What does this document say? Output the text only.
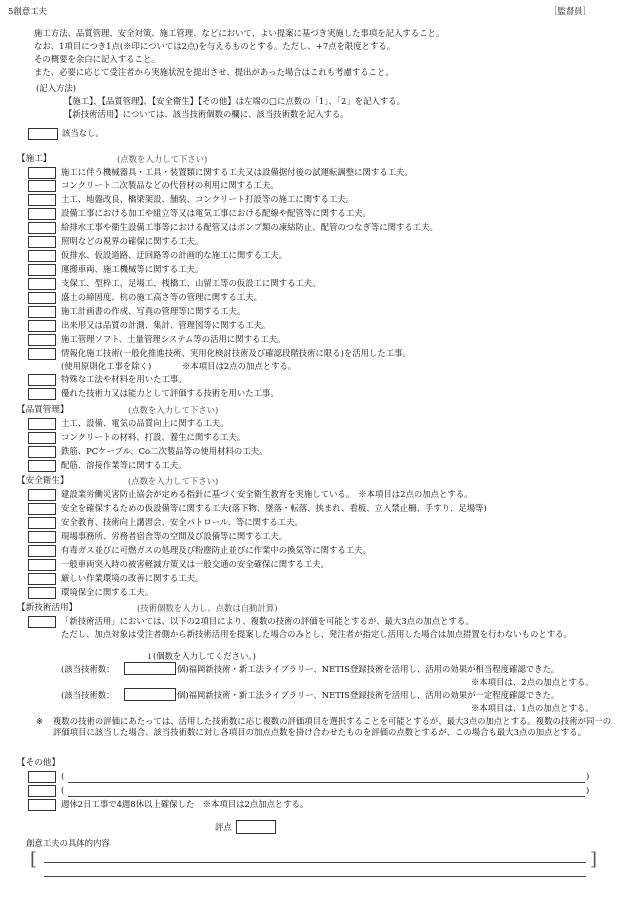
5創意工夫	［監督員］
施工方法、品質管理、安全対策、施工管理、などにおいて、よい提案に基づき実施した事項を記入すること。
なお、1項目につき1点(※印については2点)を与えるものとする。ただし、+7点を限度とする。
その概要を余白に記入すること。
また、必要に応じて受注者から実施状況を提出させ、提出があった場合はこれも考慮すること。
(記入方法)
【施工】、【品質管理】、【安全衛生】【その他】は左端の□に点数の「1」、「2」を記入する。
【新技術活用】については、該当技術個数の欄に、該当技術数を記入する。
該当なし。
【施工】	(点数を入力して下さい)
施工に伴う機械器具・工具・装置類に関する工夫又は設備据付後の試運転調整に関する工夫。
コンクリート二次製品などの代替材の利用に関する工夫。
土工、地盤改良、橋梁架設、舗装、コンクリート打設等の施工に関する工夫。
設備工事における加工や組立等又は電気工事における配線や配管等に関する工夫。
給排水工事や衛生設備工事等における配管又はポンプ類の凍結防止、配管のつなぎ等に関する工夫。
照明などの視界の確保に関する工夫。
仮排水、仮設道路、迂回路等の計画的な施工に関する工夫。
運搬車両、施工機械等に関する工夫。
支保工、型枠工、足場工、桟橋工、山留工等の仮設工に関する工夫。
盛土の締固度、杭の施工高さ等の管理に関する工夫。
施工計画書の作成、写真の管理等に関する工夫。
出来形又は品質の計測、集計、管理図等に関する工夫。
施工管理ソフト、土量管理システム等の活用に関する工夫。
情報化施工技術(一般化推進技術、実用化検討技術及び確認段階技術に限る)を活用した工事。
(使用原則化工事を除く)	※本項目は2点の加点とする。
特殊な工法や材料を用いた工事。
優れた技術力又は能力として評価する技術を用いた工事。
【品質管理】	(点数を入力して下さい)
土工、設備、電気の品質向上に関する工夫。
コンクリートの材料、打設、養生に関する工夫。
鉄筋、PCケーブル、Co二次製品等の使用材料の工夫。
配筋、溶接作業等に関する工夫。
【安全衛生】	(点数を入力して下さい)
建設業労働災害防止協会が定める指針に基づく安全衛生教育を実施している。　※本項目は2点の加点とする。
安全を確保するための仮設備等に関する工夫(落下物、墜落・転落、挟まれ、看板、立入禁止柵、手すり、足場等)
安全教育、技術向上講習会、安全パトロール、等に関する工夫。
現場事務所、労務者宿舎等の空間及び設備等に関する工夫。
有毒ガス並びに可燃ガスの処理及び粉塵防止並びに作業中の換気等に関する工夫。
一般車両突入時の被害軽減方策又は一般交通の安全確保に関する工夫。
厳しい作業環境の改善に関する工夫。
環境保全に関する工夫。
【新技術活用】	(技術個数を入力し、点数は自動計算)
「新技術活用」においては、以下の2項目により、複数の技術の評価を可能とするが、最大3点の加点とする。
ただし、加点対象は受注者側から新技術活用を提案した場合のみとし、発注者が指定し活用した場合は加点措置を行わないものとする。
↓(個数を入力してください。)
(該当技術数：	個)福岡新技術・新工法ライブラリー、NETIS登録技術を活用し、活用の効果が相当程度確認できた。
※本項目は、2点の加点とする。
(該当技術数：	個)福岡新技術・新工法ライブラリー、NETIS登録技術を活用し、活用の効果が一定程度確認できた。
※本項目は、1点の加点とする。
※ 複数の技術の評価にあたっては、活用した技術数に応じ複数の評価項目を選択することを可能とするが、最大3点の加点とする。複数の技術が同一の評価項目に該当した場合、該当技術数に対し各項目の加点点数を掛け合わせたものを評価の点数とするが、この場合も最大3点の加点とする。
【その他】
(	)
(	)
週休2日工事で4週8休以上確保した　※本項目は2点加点とする。
評点
創意工夫の具体的内容
[	]
